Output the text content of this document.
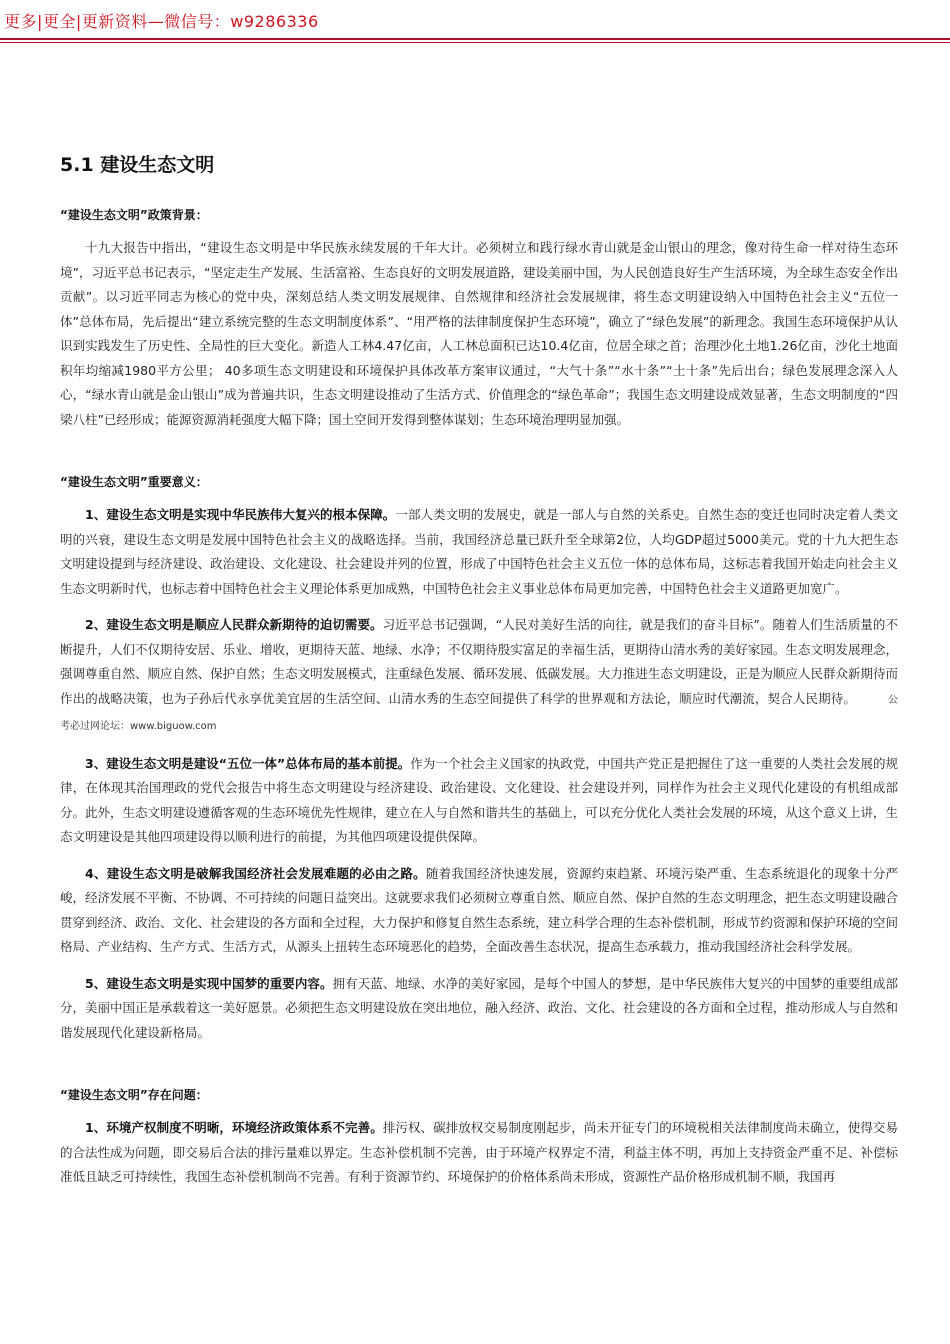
更多|更全|更新资料—微信号：w9286336
5.1 建设生态文明
“建设生态文明”政策背景：

十九大报告中指出，“建设生态文明是中华民族永续发展的千年大计。必须树立和践行绿水青山就是金山银山的理念，像对待生命一样对待生态环境”，习近平总书记表示，“坚定走生产发展、生活富裕、生态良好的文明发展道路，建设美丽中国，为人民创造良好生产生活环境，为全球生态安全作出贡献”。以习近平同志为核心的党中央，深刻总结人类文明发展规律、自然规律和经济社会发展规律，将生态文明建设纳入中国特色社会主义“五位一体”总体布局，先后提出“建立系统完整的生态文明制度体系”、“用严格的法律制度保护生态环境”，确立了“绿色发展”的新理念。我国生态环境保护从认识到实践发生了历史性、全局性的巨大变化。新造人工林4.47亿亩，人工林总面积已达10.4亿亩，位居全球之首；治理沙化土地1.26亿亩，沙化土地面积年均缩减1980平方公里； 40多项生态文明建设和环境保护具体改革方案审议通过，“大气十条”“水十条”“土十条”先后出台；绿色发展理念深入人心，“绿水青山就是金山银山”成为普遍共识，生态文明建设推动了生活方式、价值理念的“绿色革命”；我国生态文明建设成效显著，生态文明制度的“四梁八柱”已经形成；能源资源消耗强度大幅下降；国土空间开发得到整体谋划；生态环境治理明显加强。

“建设生态文明”重要意义：

1、建设生态文明是实现中华民族伟大复兴的根本保障。一部人类文明的发展史，就是一部人与自然的关系史。自然生态的变迁也同时决定着人类文明的兴衰，建设生态文明是发展中国特色社会主义的战略选择。当前，我国经济总量已跃升至全球第2位，人均GDP超过5000美元。党的十九大把生态文明建设提到与经济建设、政治建设、文化建设、社会建设并列的位置，形成了中国特色社会主义五位一体的总体布局，这标志着我国开始走向社会主义生态文明新时代，也标志着中国特色社会主义理论体系更加成熟，中国特色社会主义事业总体布局更加完善，中国特色社会主义道路更加宽广。

2、建设生态文明是顺应人民群众新期待的迫切需要。习近平总书记强调，“人民对美好生活的向往，就是我们的奋斗目标”。随着人们生活质量的不断提升，人们不仅期待安居、乐业、增收，更期待天蓝、地绿、水净；不仅期待殷实富足的幸福生活，更期待山清水秀的美好家园。生态文明发展理念，强调尊重自然、顺应自然、保护自然；生态文明发展模式，注重绿色发展、循环发展、低碳发展。大力推进生态文明建设，正是为顺应人民群众新期待而作出的战略决策，也为子孙后代永享优美宜居的生活空间、山清水秀的生态空间提供了科学的世界观和方法论，顺应时代潮流，契合人民期待。	公考必过网论坛：www.biguow.com

3、建设生态文明是建设“五位一体”总体布局的基本前提。作为一个社会主义国家的执政党，中国共产党正是把握住了这一重要的人类社会发展的规律，在体现其治国理政的党代会报告中将生态文明建设与经济建设、政治建设、文化建设、社会建设并列，同样作为社会主义现代化建设的有机组成部分。此外，生态文明建设遵循客观的生态环境优先性规律，建立在人与自然和谐共生的基础上，可以充分优化人类社会发展的环境，从这个意义上讲，生态文明建设是其他四项建设得以顺利进行的前提，为其他四项建设提供保障。

4、建设生态文明是破解我国经济社会发展难题的必由之路。随着我国经济快速发展，资源约束趋紧、环境污染严重、生态系统退化的现象十分严峻，经济发展不平衡、不协调、不可持续的问题日益突出。这就要求我们必须树立尊重自然、顺应自然、保护自然的生态文明理念，把生态文明建设融合贯穿到经济、政治、文化、社会建设的各方面和全过程，大力保护和修复自然生态系统，建立科学合理的生态补偿机制，形成节约资源和保护环境的空间格局、产业结构、生产方式、生活方式，从源头上扭转生态环境恶化的趋势，全面改善生态状况，提高生态承载力，推动我国经济社会科学发展。

5、建设生态文明是实现中国梦的重要内容。拥有天蓝、地绿、水净的美好家园，是每个中国人的梦想，是中华民族伟大复兴的中国梦的重要组成部分，美丽中国正是承载着这一美好愿景。必须把生态文明建设放在突出地位，融入经济、政治、文化、社会建设的各方面和全过程，推动形成人与自然和谐发展现代化建设新格局。

“建设生态文明”存在问题：

1、环境产权制度不明晰，环境经济政策体系不完善。排污权、碳排放权交易制度刚起步，尚未开征专门的环境税相关法律制度尚未确立，使得交易的合法性成为问题，即交易后合法的排污量难以界定。生态补偿机制不完善，由于环境产权界定不清，利益主体不明，再加上支持资金严重不足、补偿标准低且缺乏可持续性，我国生态补偿机制尚不完善。有利于资源节约、环境保护的价格体系尚未形成，资源性产品价格形成机制不顺，我国再
